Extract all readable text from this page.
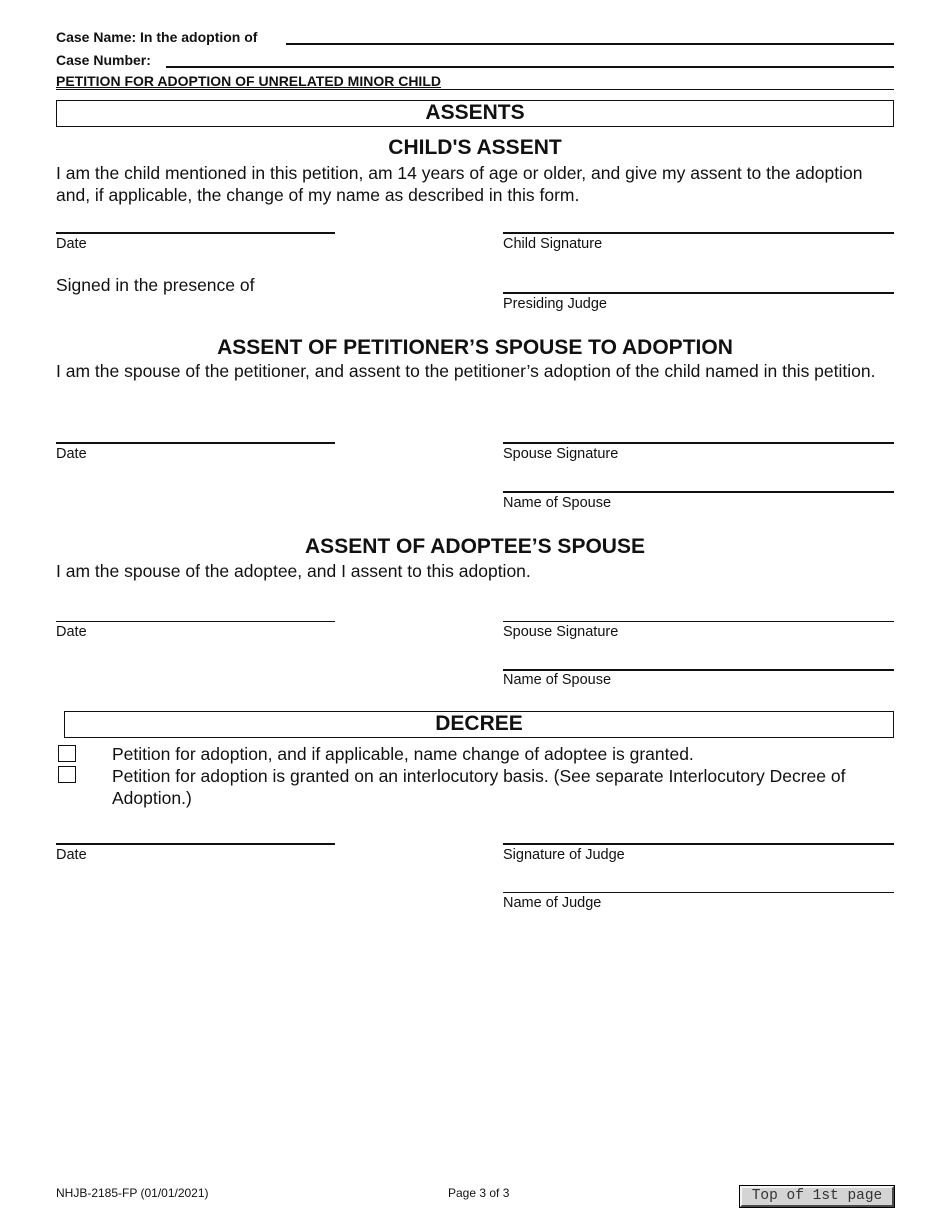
Case Name: In the adoption of
Case Number:
PETITION FOR ADOPTION OF UNRELATED MINOR CHILD
ASSENTS
CHILD'S ASSENT
I am the child mentioned in this petition, am 14 years of age or older, and give my assent to the adoption and, if applicable, the change of my name as described in this form.
Date	Child Signature
Signed in the presence of
Presiding Judge
ASSENT OF PETITIONER’S SPOUSE TO ADOPTION
I am the spouse of the petitioner, and assent to the petitioner’s adoption of the child named in this petition.
Date	Spouse Signature
Name of Spouse
ASSENT OF ADOPTEE’S SPOUSE
I am the spouse of the adoptee, and I assent to this adoption.
Date	Spouse Signature
Name of Spouse
DECREE
Petition for adoption, and if applicable, name change of adoptee is granted.
Petition for adoption is granted on an interlocutory basis. (See separate Interlocutory Decree of Adoption.)
Date	Signature of Judge
Name of Judge
NHJB-2185-FP (01/01/2021)	Page 3 of 3	Top of 1st page
